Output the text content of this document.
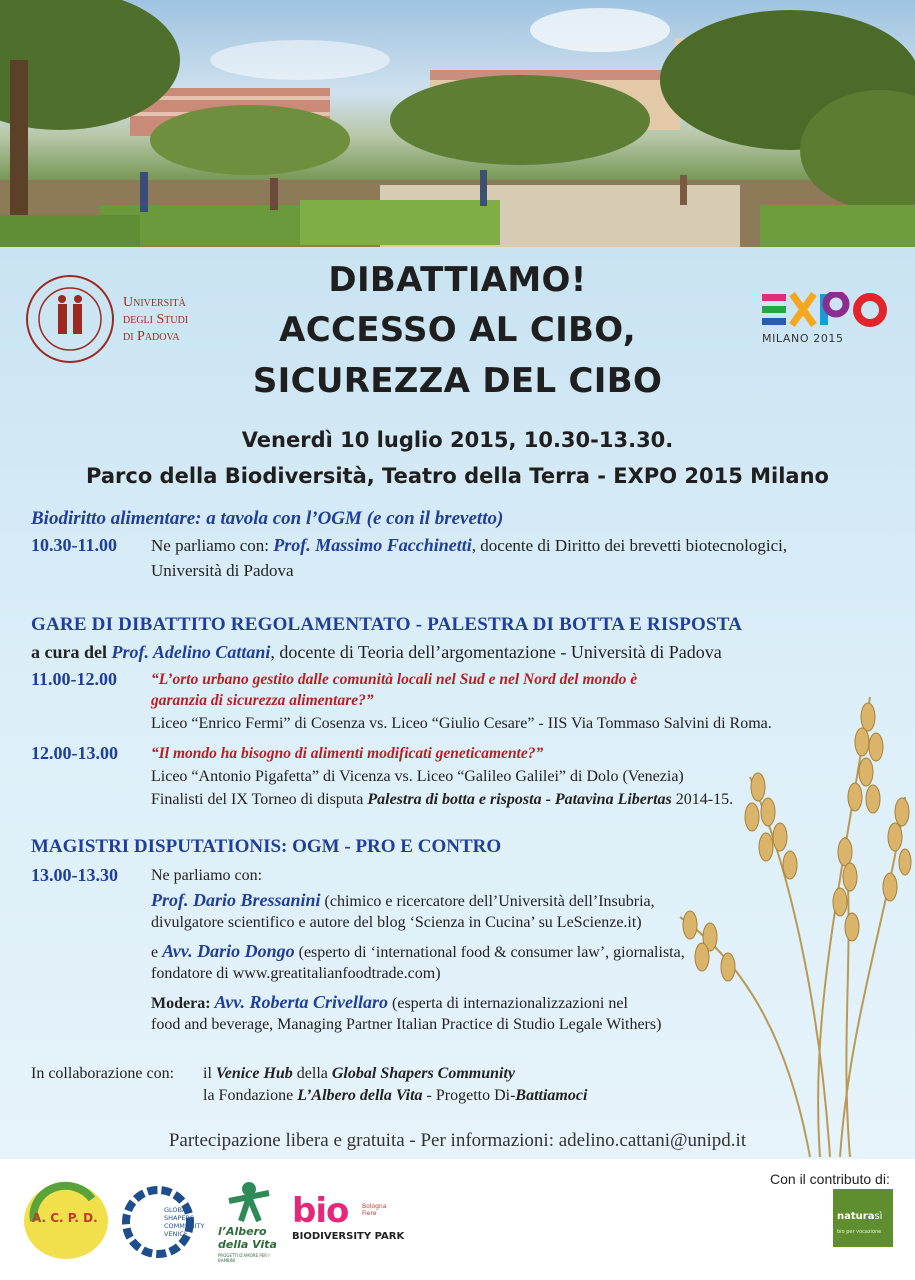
Università
degli Studi
di Padova	MILANO 2015
DIBATTIAMO!
ACCESSO AL CIBO,
SICUREZZA DEL CIBO
Venerdì 10 luglio 2015, 10.30-13.30.
Parco della Biodiversità, Teatro della Terra - EXPO 2015 Milano
Biodiritto alimentare: a tavola con l’OGM (e con il brevetto)
10.30-11.00 Ne parliamo con: Prof. Massimo Facchinetti, docente di Diritto dei brevetti biotecnologici,
Università di Padova
GARE DI DIBATTITO REGOLAMENTATO - PALESTRA DI BOTTA E RISPOSTA
a cura del Prof. Adelino Cattani, docente di Teoria dell’argomentazione - Università di Padova
11.00-12.00 “L’orto urbano gestito dalle comunità locali nel Sud e nel Nord del mondo è
garanzia di sicurezza alimentare?”
Liceo “Enrico Fermi” di Cosenza vs. Liceo “Giulio Cesare” - IIS Via Tommaso Salvini di Roma.
12.00-13.00 “Il mondo ha bisogno di alimenti modificati geneticamente?”
Liceo “Antonio Pigafetta” di Vicenza vs. Liceo “Galileo Galilei” di Dolo (Venezia)
Finalisti del IX Torneo di disputa Palestra di botta e risposta - Patavina Libertas 2014-15.
MAGISTRI DISPUTATIONIS: OGM - PRO E CONTRO
13.00-13.30 Ne parliamo con:
Prof. Dario Bressanini (chimico e ricercatore dell’Università dell’Insubria,
divulgatore scientifico e autore del blog ‘Scienza in Cucina’ su LeScienze.it)
e Avv. Dario Dongo (esperto di ‘international food & consumer law’, giornalista,
fondatore di www.greatitalianfoodtrade.com)
Modera: Avv. Roberta Crivellaro (esperta di internazionalizzazioni nel
food and beverage, Managing Partner Italian Practice di Studio Legale Withers)
In collaborazione con: il Venice Hub della Global Shapers Community
la Fondazione L’Albero della Vita - Progetto Di-Battiamoci
Partecipazione libera e gratuita - Per informazioni: adelino.cattani@unipd.it
A. C. P. D.
GLOBAL
SHAPERS
COMMUNITY
VENICE	l’Albero
della Vita
PROGETTI D'AMORE PER I BAMBINI
bio Bologna Fiere
BIODIVERSITY PARK
Con il contributo di:
naturasì
bio per vocazione
